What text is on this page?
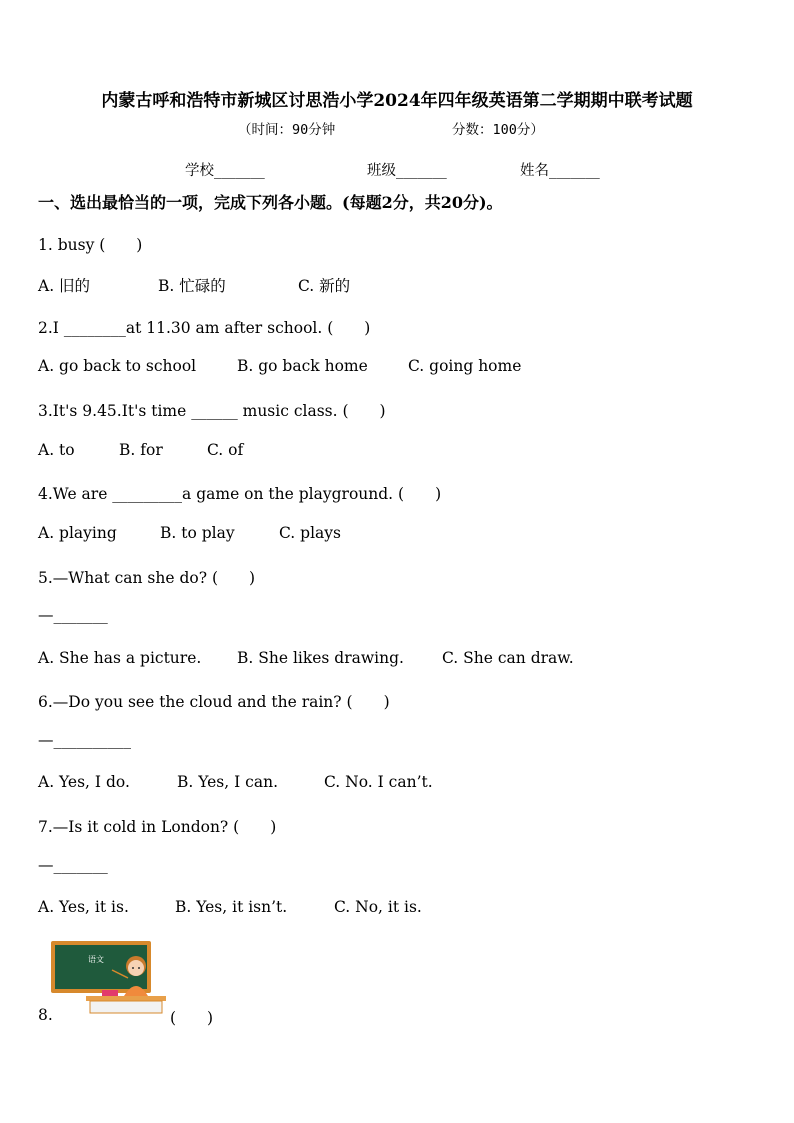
内蒙古呼和浩特市新城区讨思浩小学2024年四年级英语第二学期期中联考试题
（时间：90分钟	分数：100分）
学校_______	班级_______	姓名_______
一、选出最恰当的一项，完成下列各小题。(每题2分，共20分)。
1. busy (　　)
A. 旧的	B. 忙碌的	C. 新的
2.I ________at 11.30 am after school. (　　)
A. go back to school	B. go back home	C. going home
3.It's 9.45.It's time ______ music class. (　　)
A. to	B. for	C. of
4.We are _________a game on the playground. (　　)
A. playing	B. to play	C. plays
5.—What can she do? (　　)
—_______
A. She has a picture. B. She likes drawing. C. She can draw.
6.—Do you see the cloud and the rain? (　　)
—__________
A. Yes, I do.	B. Yes, I can.	C. No. I can’t.
7.—Is it cold in London? (　　)
—_______
A. Yes, it is.	B. Yes, it isn’t.	C. No, it is.
8.	(　　)
语文
